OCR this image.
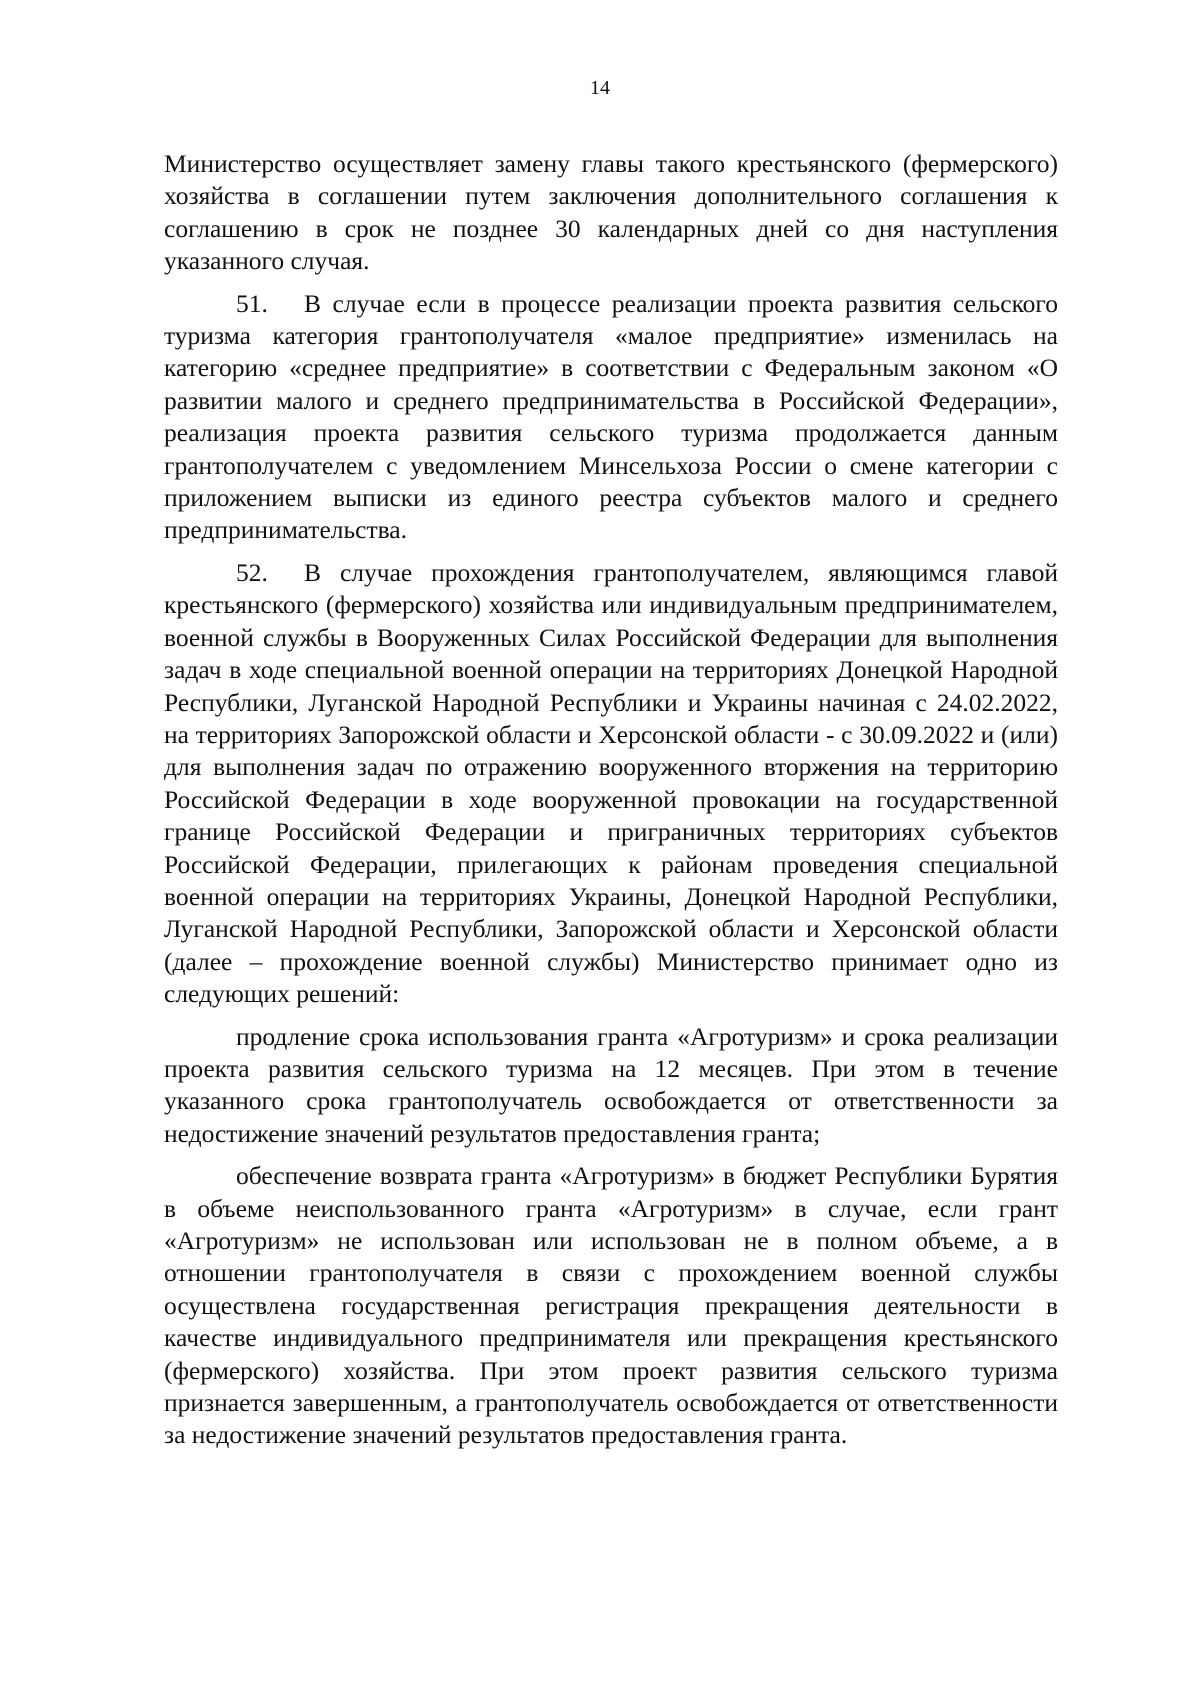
14

Министерство осуществляет замену главы такого крестьянского (фермерского) хозяйства в соглашении путем заключения дополнительного соглашения к соглашению в срок не позднее 30 календарных дней со дня наступления указанного случая.

51. В случае если в процессе реализации проекта развития сельского туризма категория грантополучателя «малое предприятие» изменилась на категорию «среднее предприятие» в соответствии с Федеральным законом «О развитии малого и среднего предпринимательства в Российской Федерации», реализация проекта развития сельского туризма продолжается данным грантополучателем с уведомлением Минсельхоза России о смене категории с приложением выписки из единого реестра субъектов малого и среднего предпринимательства.

52. В случае прохождения грантополучателем, являющимся главой крестьянского (фермерского) хозяйства или индивидуальным предпринимателем, военной службы в Вооруженных Силах Российской Федерации для выполнения задач в ходе специальной военной операции на территориях Донецкой Народной Республики, Луганской Народной Республики и Украины начиная с 24.02.2022, на территориях Запорожской области и Херсонской области - с 30.09.2022 и (или) для выполнения задач по отражению вооруженного вторжения на территорию Российской Федерации в ходе вооруженной провокации на государственной границе Российской Федерации и приграничных территориях субъектов Российской Федерации, прилегающих к районам проведения специальной военной операции на территориях Украины, Донецкой Народной Республики, Луганской Народной Республики, Запорожской области и Херсонской области (далее – прохождение военной службы) Министерство принимает одно из следующих решений:

продление срока использования гранта «Агротуризм» и срока реализации проекта развития сельского туризма на 12 месяцев. При этом в течение указанного срока грантополучатель освобождается от ответственности за недостижение значений результатов предоставления гранта;

обеспечение возврата гранта «Агротуризм» в бюджет Республики Бурятия в объеме неиспользованного гранта «Агротуризм» в случае, если грант «Агротуризм» не использован или использован не в полном объеме, а в отношении грантополучателя в связи с прохождением военной службы осуществлена государственная регистрация прекращения деятельности в качестве индивидуального предпринимателя или прекращения крестьянского (фермерского) хозяйства. При этом проект развития сельского туризма признается завершенным, а грантополучатель освобождается от ответственности за недостижение значений результатов предоставления гранта.
